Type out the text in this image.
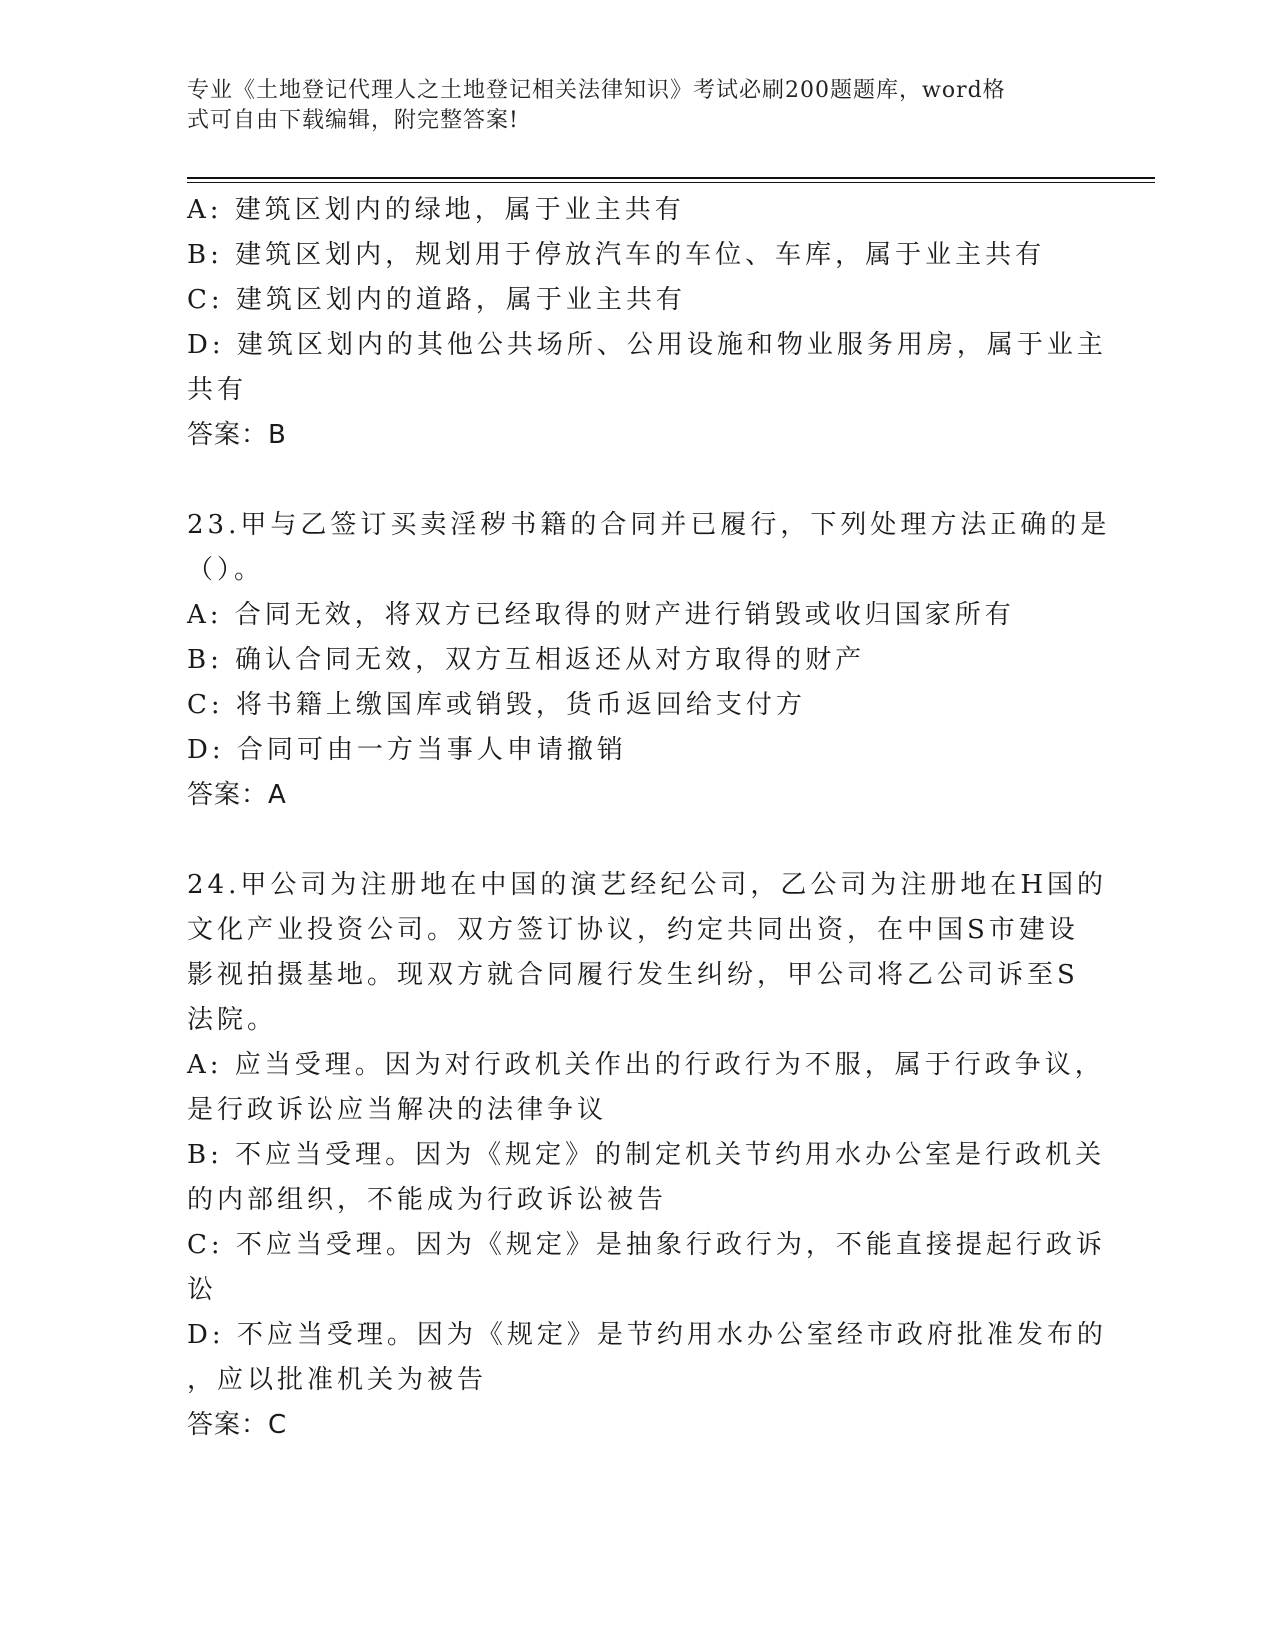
专业《土地登记代理人之土地登记相关法律知识》考试必刷200题题库，word格
式可自由下载编辑，附完整答案!
A: 建筑区划内的绿地，属于业主共有
B: 建筑区划内，规划用于停放汽车的车位、车库，属于业主共有
C: 建筑区划内的道路，属于业主共有
D: 建筑区划内的其他公共场所、公用设施和物业服务用房，属于业主
共有
答案：B
23.甲与乙签订买卖淫秽书籍的合同并已履行，下列处理方法正确的是
（）。
A: 合同无效，将双方已经取得的财产进行销毁或收归国家所有
B: 确认合同无效，双方互相返还从对方取得的财产
C: 将书籍上缴国库或销毁，货币返回给支付方
D: 合同可由一方当事人申请撤销
答案：A
24.甲公司为注册地在中国的演艺经纪公司，乙公司为注册地在H国的
文化产业投资公司。双方签订协议，约定共同出资，在中国S市建设
影视拍摄基地。现双方就合同履行发生纠纷，甲公司将乙公司诉至S
法院。
A: 应当受理。因为对行政机关作出的行政行为不服，属于行政争议，
是行政诉讼应当解决的法律争议
B: 不应当受理。因为《规定》的制定机关节约用水办公室是行政机关
的内部组织，不能成为行政诉讼被告
C: 不应当受理。因为《规定》是抽象行政行为，不能直接提起行政诉
讼
D: 不应当受理。因为《规定》是节约用水办公室经市政府批准发布的
，应以批准机关为被告
答案：C
